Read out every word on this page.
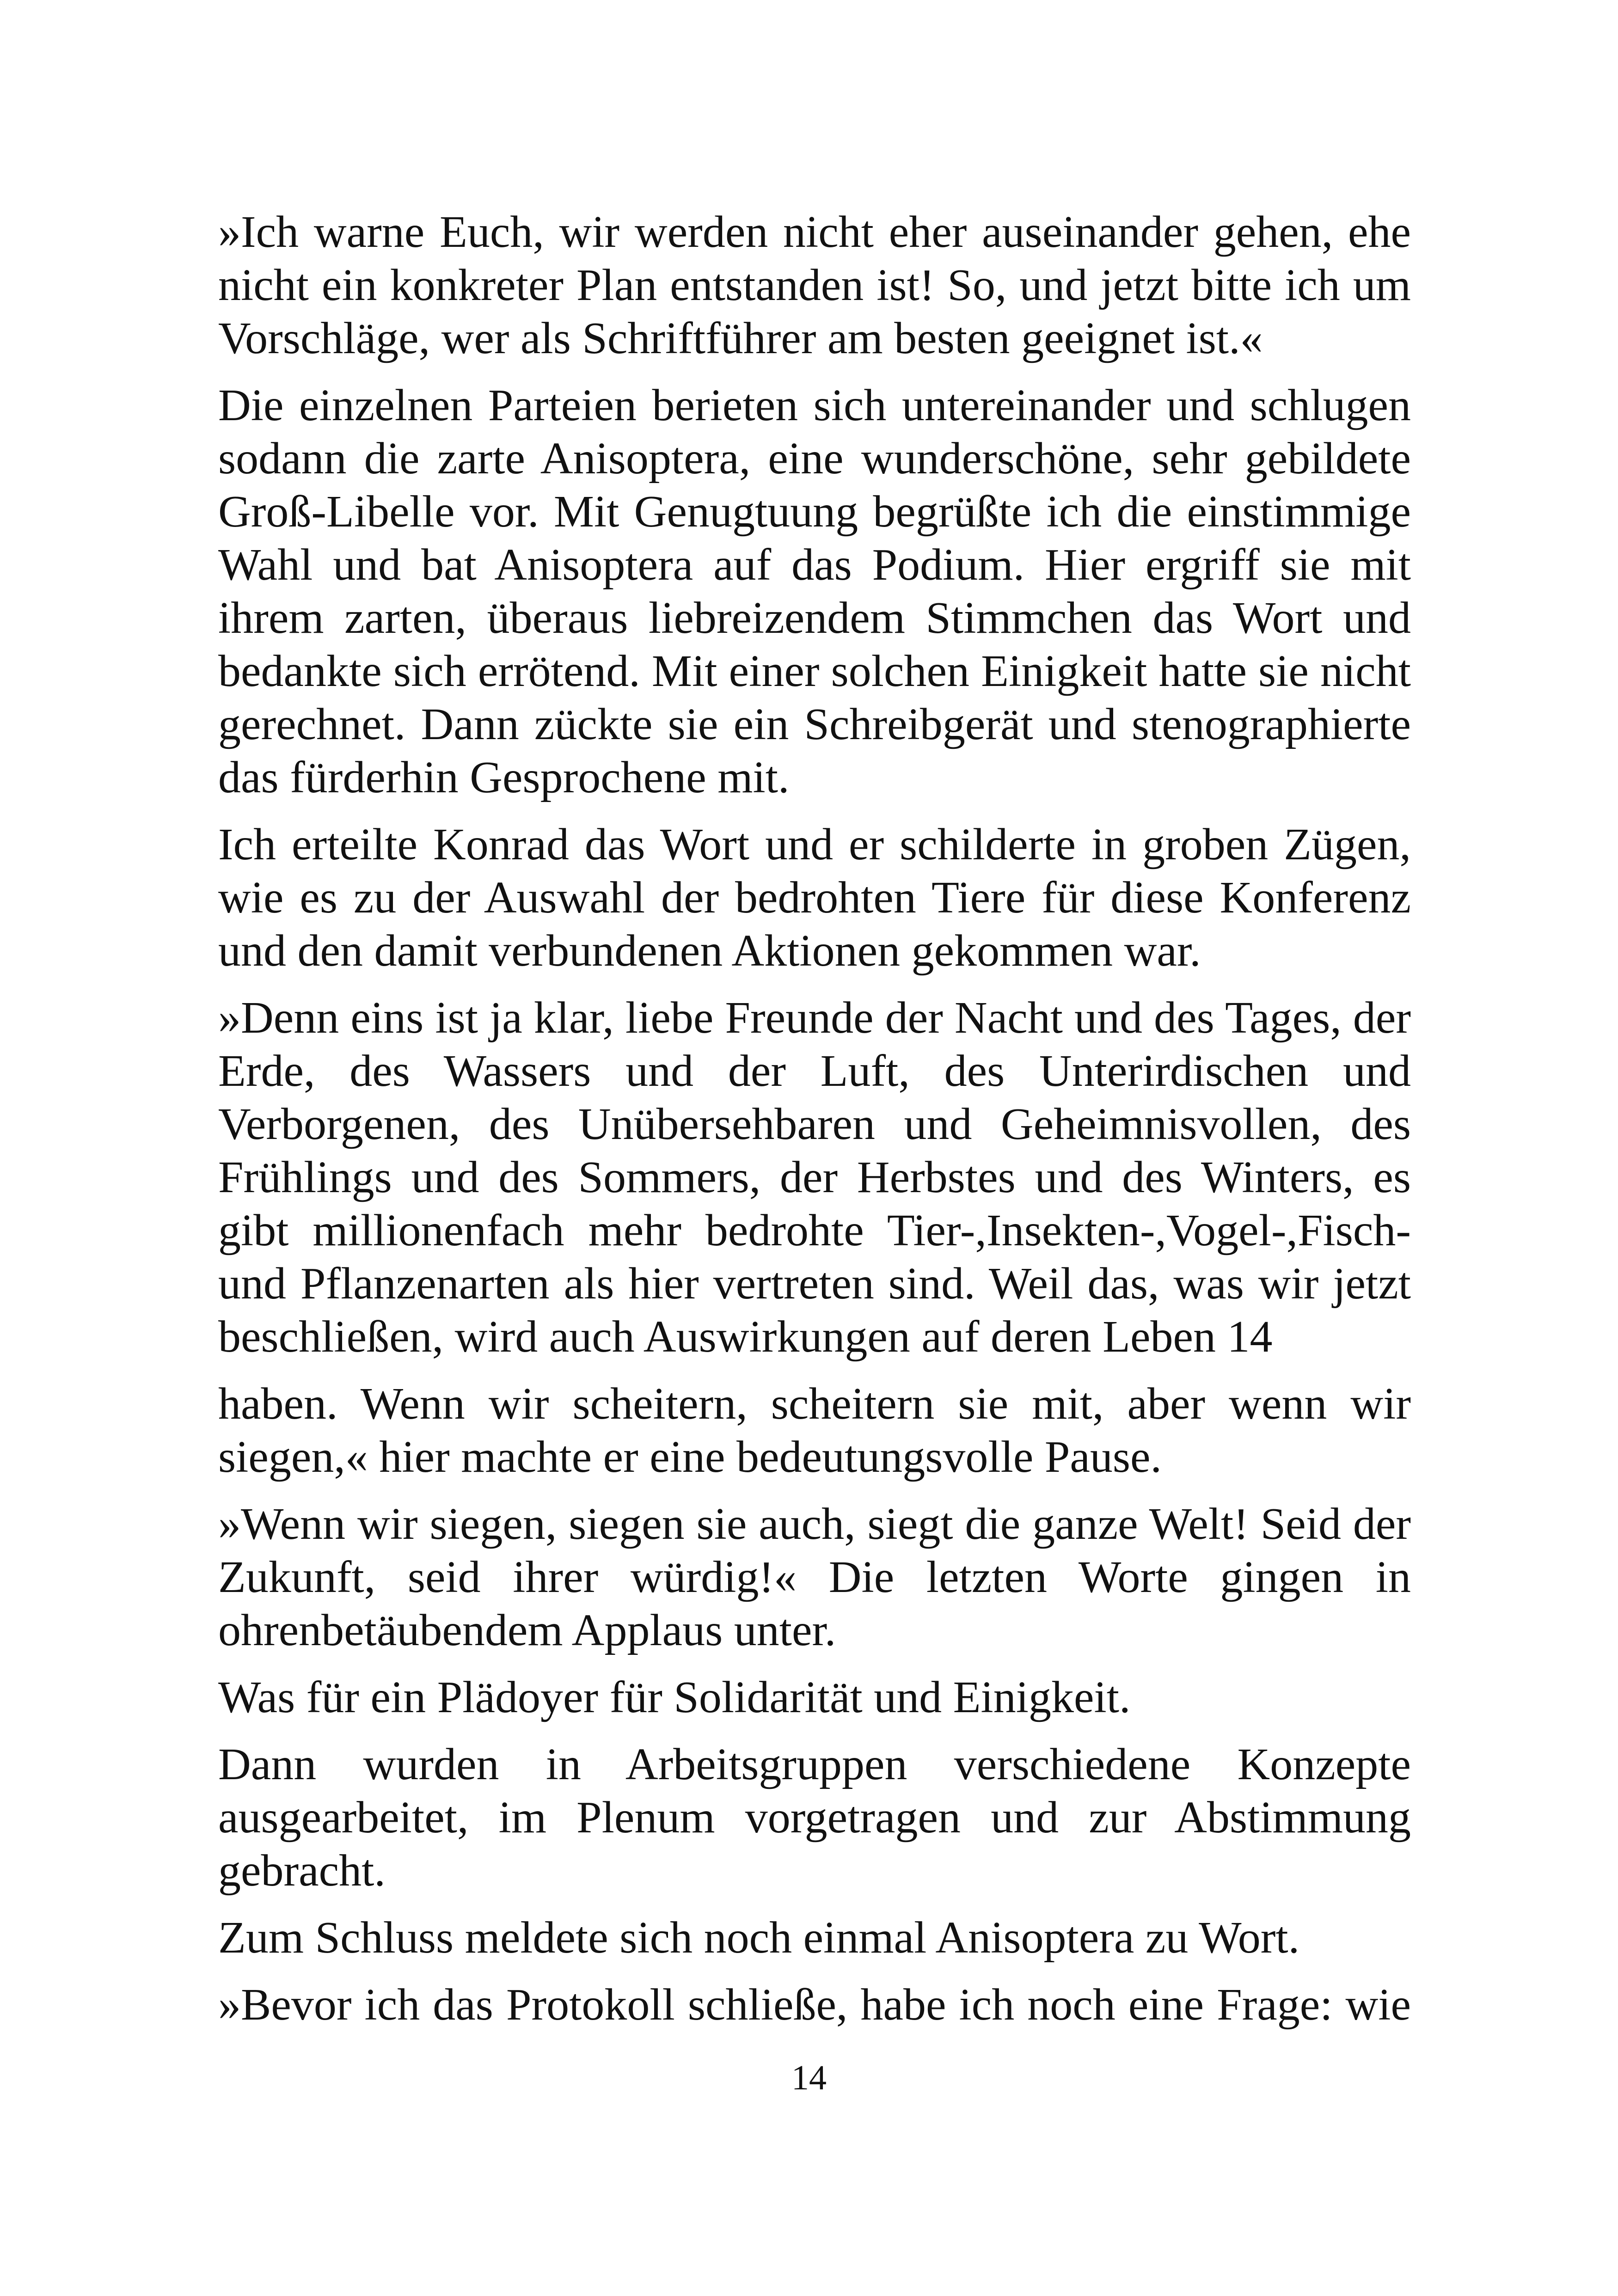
»Ich warne Euch, wir werden nicht eher auseinander gehen, ehe nicht ein konkreter Plan entstanden ist! So, und jetzt bitte ich um Vorschläge, wer als Schriftführer am besten geeignet ist.«

Die einzelnen Parteien berieten sich untereinander und schlugen sodann die zarte Anisoptera, eine wunderschöne, sehr gebildete Groß-Libelle vor. Mit Genugtuung begrüßte ich die einstimmige Wahl und bat Anisoptera auf das Podium. Hier ergriff sie mit ihrem zarten, überaus liebreizendem Stimmchen das Wort und bedankte sich errötend. Mit einer solchen Einigkeit hatte sie nicht gerechnet. Dann zückte sie ein Schreibgerät und stenographierte das fürderhin Gesprochene mit.

Ich erteilte Konrad das Wort und er schilderte in groben Zügen, wie es zu der Auswahl der bedrohten Tiere für diese Konferenz und den damit verbundenen Aktionen gekommen war.

»Denn eins ist ja klar, liebe Freunde der Nacht und des Tages, der Erde, des Wassers und der Luft, des Unterirdischen und Verborgenen, des Unübersehbaren und Geheimnisvollen, des Frühlings und des Sommers, der Herbstes und des Winters, es gibt millionenfach mehr bedrohte Tier-,Insekten-,Vogel-,Fisch- und Pflanzenarten als hier vertreten sind. Weil das, was wir jetzt beschließen, wird auch Auswirkungen auf deren Leben 14

haben. Wenn wir scheitern, scheitern sie mit, aber wenn wir siegen,« hier machte er eine bedeutungsvolle Pause.

»Wenn wir siegen, siegen sie auch, siegt die ganze Welt! Seid der Zukunft, seid ihrer würdig!« Die letzten Worte gingen in ohrenbetäubendem Applaus unter.

Was für ein Plädoyer für Solidarität und Einigkeit.

Dann wurden in Arbeitsgruppen verschiedene Konzepte ausgearbeitet, im Plenum vorgetragen und zur Abstimmung gebracht.

Zum Schluss meldete sich noch einmal Anisoptera zu Wort.

»Bevor ich das Protokoll schließe, habe ich noch eine Frage: wie

14
